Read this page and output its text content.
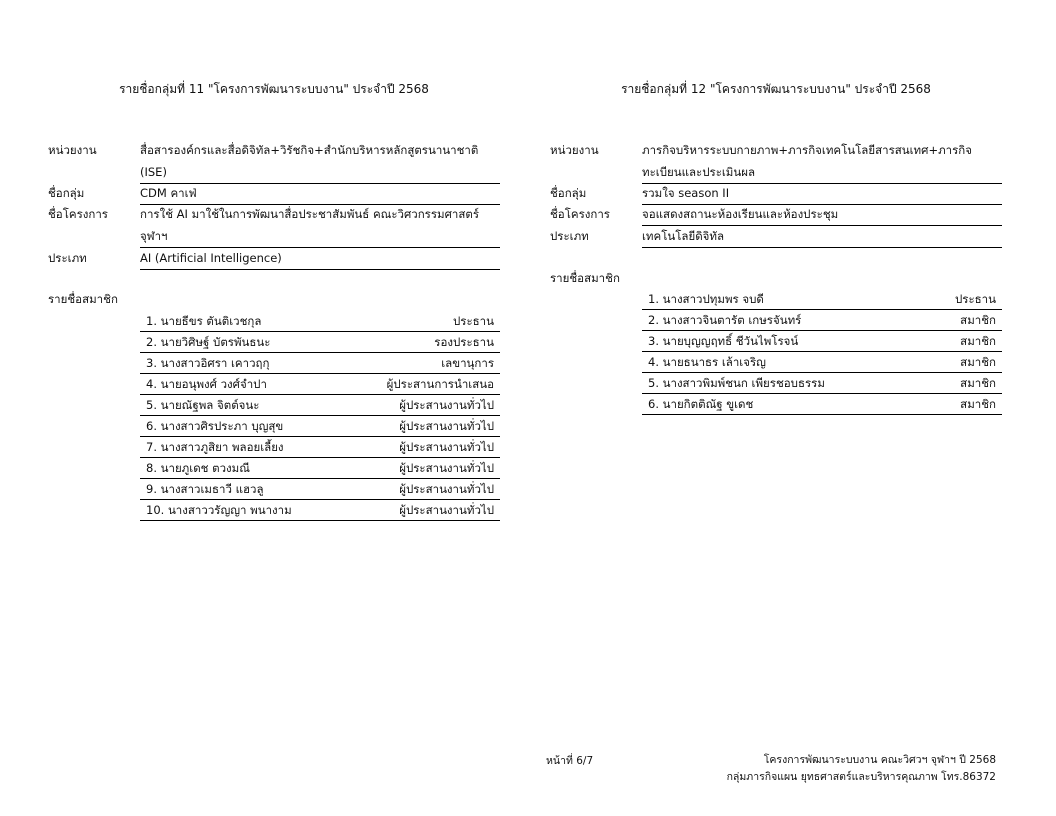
รายชื่อกลุ่มที่ 11 "โครงการพัฒนาระบบงาน" ประจำปี 2568
หน่วยงาน	สื่อสารองค์กรและสื่อดิจิทัล+วิรัชกิจ+สำนักบริหารหลักสูตรนานาชาติ
(ISE)
ชื่อกลุ่ม	CDM คาเฟ่
ชื่อโครงการ	การใช้ AI มาใช้ในการพัฒนาสื่อประชาสัมพันธ์ คณะวิศวกรรมศาสตร์
จุฬาฯ
ประเภท	AI (Artificial Intelligence)
รายชื่อสมาชิก
1. นายธีขร ตันติเวชกุล	ประธาน
2. นายวิศิษฐ์ บัตรพันธนะ	รองประธาน
3. นางสาวอิศรา เคาวฤกุ	เลขานุการ
4. นายอนุพงศ์ วงศ์จำปา	ผู้ประสานการนำเสนอ
5. นายณัฐพล จิตต์จนะ	ผู้ประสานงานทั่วไป
6. นางสาวศิรประภา บุญสุข	ผู้ประสานงานทั่วไป
7. นางสาวภูสิยา พลอยเลี้ยง	ผู้ประสานงานทั่วไป
8. นายภูเดช ตวงมณี	ผู้ประสานงานทั่วไป
9. นางสาวเมธาวี แฮวลู	ผู้ประสานงานทั่วไป
10. นางสาววรัญญา พนางาม	ผู้ประสานงานทั่วไป
รายชื่อกลุ่มที่ 12 "โครงการพัฒนาระบบงาน" ประจำปี 2568
หน่วยงาน	ภารกิจบริหารระบบกายภาพ+ภารกิจเทคโนโลยีสารสนเทศ+ภารกิจ
ทะเบียนและประเมินผล
ชื่อกลุ่ม	รวมใจ season II
ชื่อโครงการ	จอแสดงสถานะห้องเรียนและห้องประชุม
ประเภท	เทคโนโลยีดิจิทัล
รายชื่อสมาชิก
1. นางสาวปทุมพร จบดี	ประธาน
2. นางสาวจินตารัต เกษรจันทร์	สมาชิก
3. นายบุญญฤทธิ์ ชีวันไพโรจน์	สมาชิก
4. นายธนาธร เล้าเจริญ	สมาชิก
5. นางสาวพิมพ์ชนก เพียรชอบธรรม	สมาชิก
6. นายกิตติณัฐ ขูเดช	สมาชิก
หน้าที่ 6/7	โครงการพัฒนาระบบงาน คณะวิศวฯ จุฬาฯ ปี 2568
กลุ่มภารกิจแผน ยุทธศาสตร์และบริหารคุณภาพ โทร.86372
